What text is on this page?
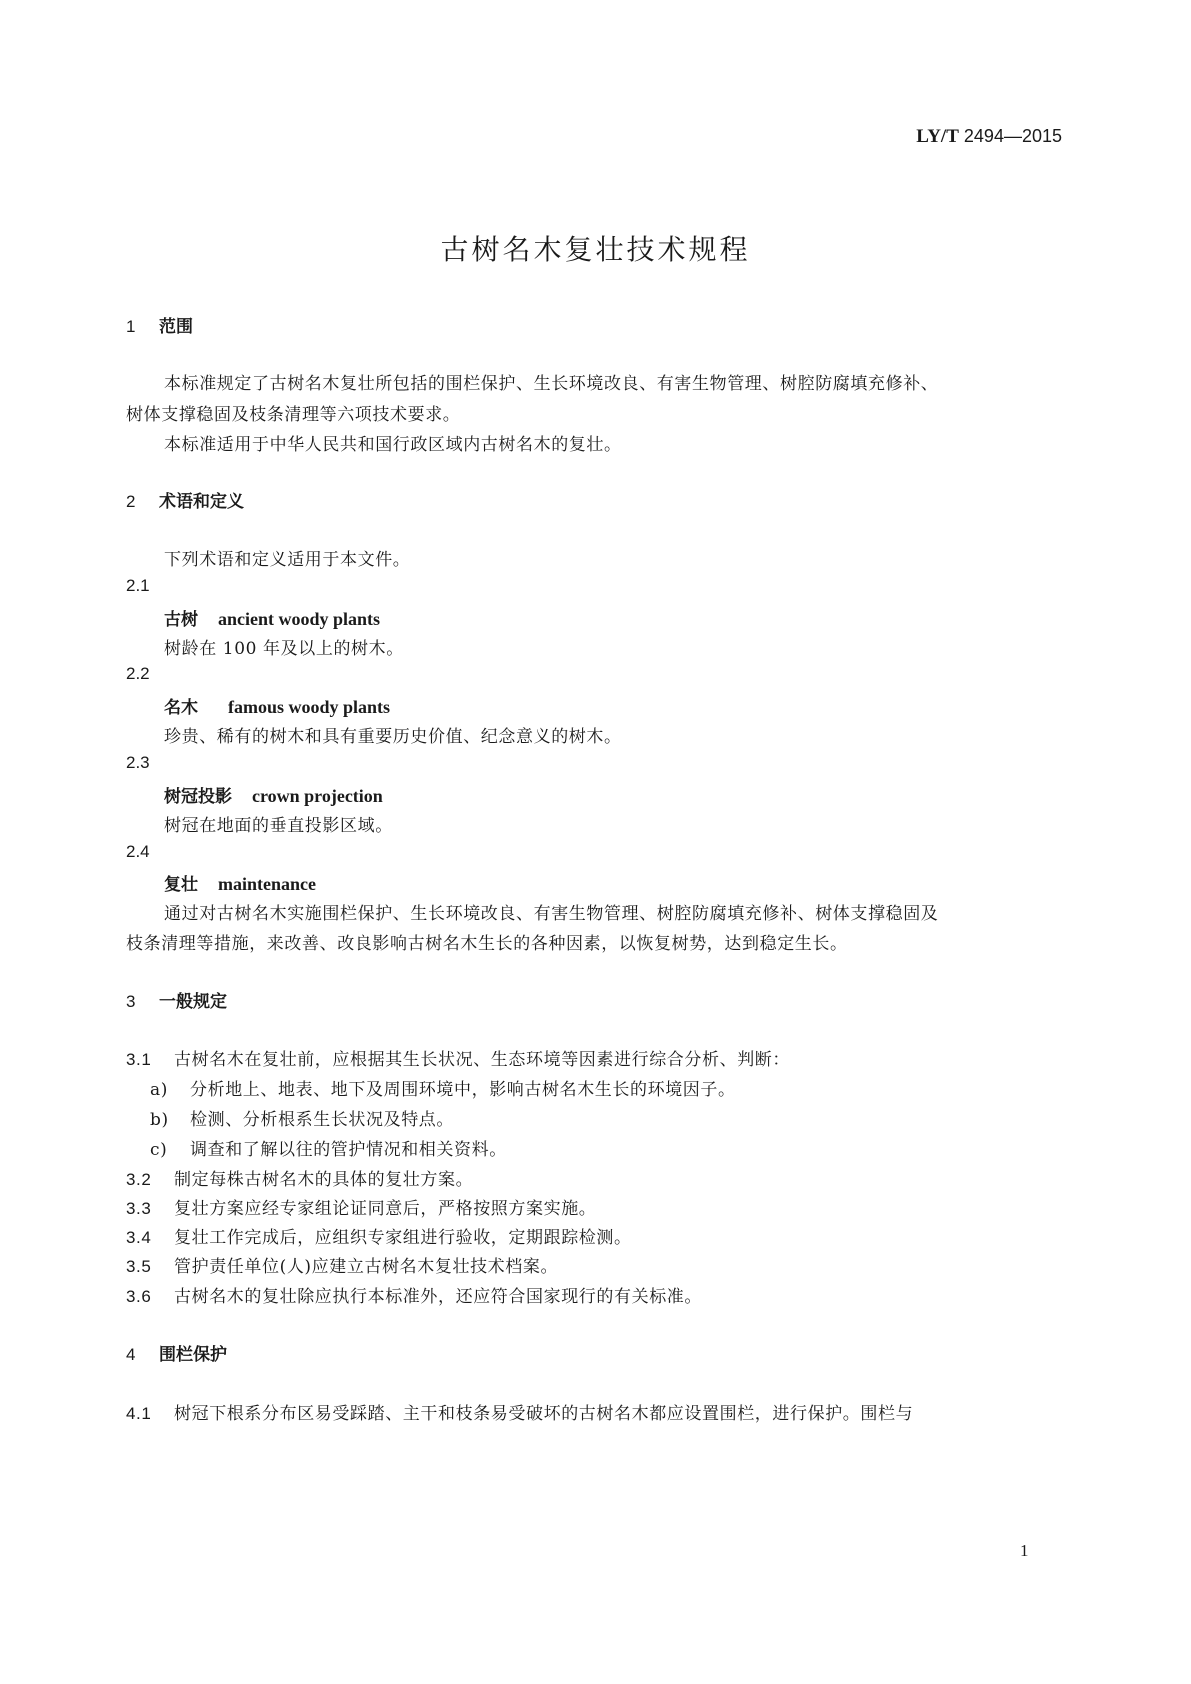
LY/T 2494—2015
古树名木复壮技术规程
1 范围
本标准规定了古树名木复壮所包括的围栏保护、生长环境改良、有害生物管理、树腔防腐填充修补、
树体支撑稳固及枝条清理等六项技术要求。
本标准适用于中华人民共和国行政区域内古树名木的复壮。
2 术语和定义
下列术语和定义适用于本文件。
2.1
古树 ancient woody plants
树龄在 100 年及以上的树木。
2.2
名木 famous woody plants
珍贵、稀有的树木和具有重要历史价值、纪念意义的树木。
2.3
树冠投影 crown projection
树冠在地面的垂直投影区域。
2.4
复壮 maintenance
通过对古树名木实施围栏保护、生长环境改良、有害生物管理、树腔防腐填充修补、树体支撑稳固及
枝条清理等措施，来改善、改良影响古树名木生长的各种因素，以恢复树势，达到稳定生长。
3 一般规定
3.1 古树名木在复壮前，应根据其生长状况、生态环境等因素进行综合分析、判断：
a) 分析地上、地表、地下及周围环境中，影响古树名木生长的环境因子。
b) 检测、分析根系生长状况及特点。
c) 调查和了解以往的管护情况和相关资料。
3.2 制定每株古树名木的具体的复壮方案。
3.3 复壮方案应经专家组论证同意后，严格按照方案实施。
3.4 复壮工作完成后，应组织专家组进行验收，定期跟踪检测。
3.5 管护责任单位(人)应建立古树名木复壮技术档案。
3.6 古树名木的复壮除应执行本标准外，还应符合国家现行的有关标准。
4 围栏保护
4.1 树冠下根系分布区易受踩踏、主干和枝条易受破坏的古树名木都应设置围栏，进行保护。围栏与
1
